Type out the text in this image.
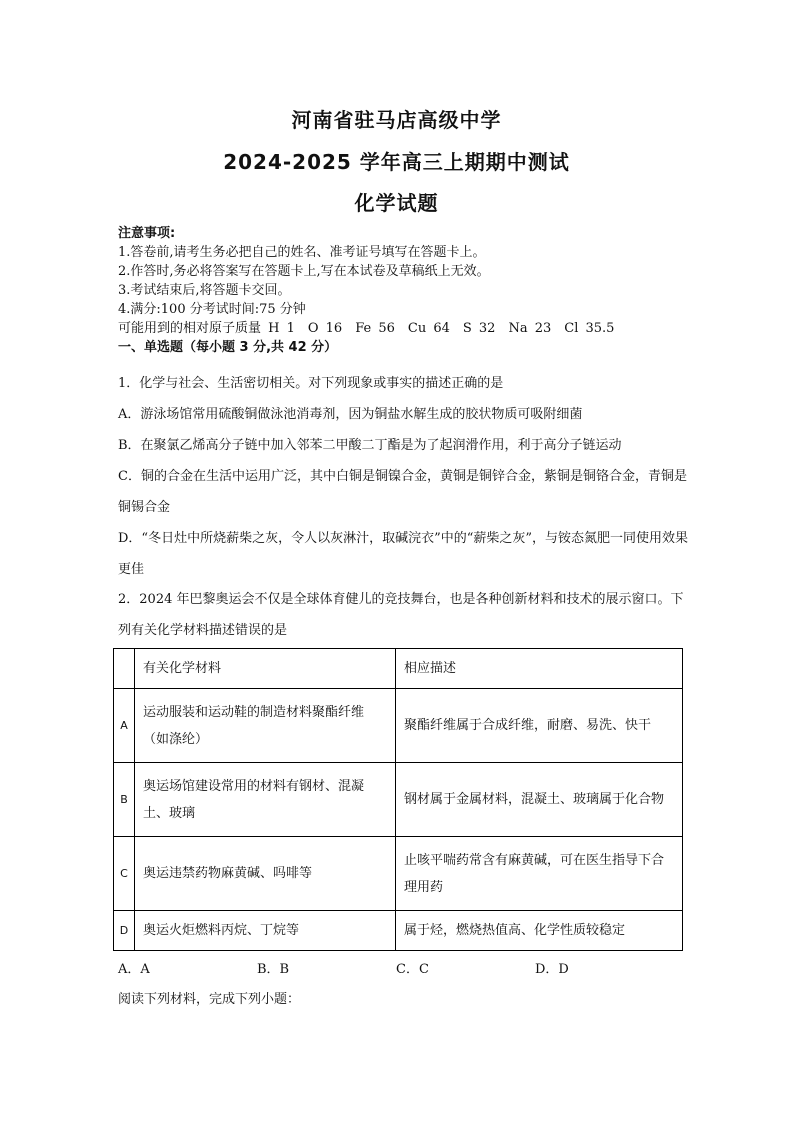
河南省驻马店高级中学
2024-2025 学年高三上期期中测试
化学试题
注意事项:
1.答卷前,请考生务必把自己的姓名、准考证号填写在答题卡上。
2.作答时,务必将答案写在答题卡上,写在本试卷及草稿纸上无效。
3.考试结束后,将答题卡交回。
4.满分:100 分考试时间:75 分钟
可能用到的相对原子质量 H 1　O 16　Fe 56　Cu 64　S 32　Na 23　Cl 35.5
一、单选题（每小题 3 分,共 42 分）

1．化学与社会、生活密切相关。对下列现象或事实的描述正确的是

A．游泳场馆常用硫酸铜做泳池消毒剂，因为铜盐水解生成的胶状物质可吸附细菌

B．在聚氯乙烯高分子链中加入邻苯二甲酸二丁酯是为了起润滑作用，利于高分子链运动

C．铜的合金在生活中运用广泛，其中白铜是铜镍合金，黄铜是铜锌合金，紫铜是铜铬合金，青铜是铜锡合金

D．“冬日灶中所烧薪柴之灰，令人以灰淋汁，取碱浣衣”中的“薪柴之灰”，与铵态氮肥一同使用效果更佳

2．2024 年巴黎奥运会不仅是全球体育健儿的竞技舞台，也是各种创新材料和技术的展示窗口。下列有关化学材料描述错误的是
	有关化学材料	相应描述
A	运动服装和运动鞋的制造材料聚酯纤维（如涤纶）	聚酯纤维属于合成纤维，耐磨、易洗、快干
B	奥运场馆建设常用的材料有钢材、混凝土、玻璃	钢材属于金属材料，混凝土、玻璃属于化合物
C	奥运违禁药物麻黄碱、吗啡等	止咳平喘药常含有麻黄碱，可在医生指导下合理用药
D	奥运火炬燃料丙烷、丁烷等	属于烃，燃烧热值高、化学性质较稳定
A．A	B．B	C．C	D．D
阅读下列材料，完成下列小题：
